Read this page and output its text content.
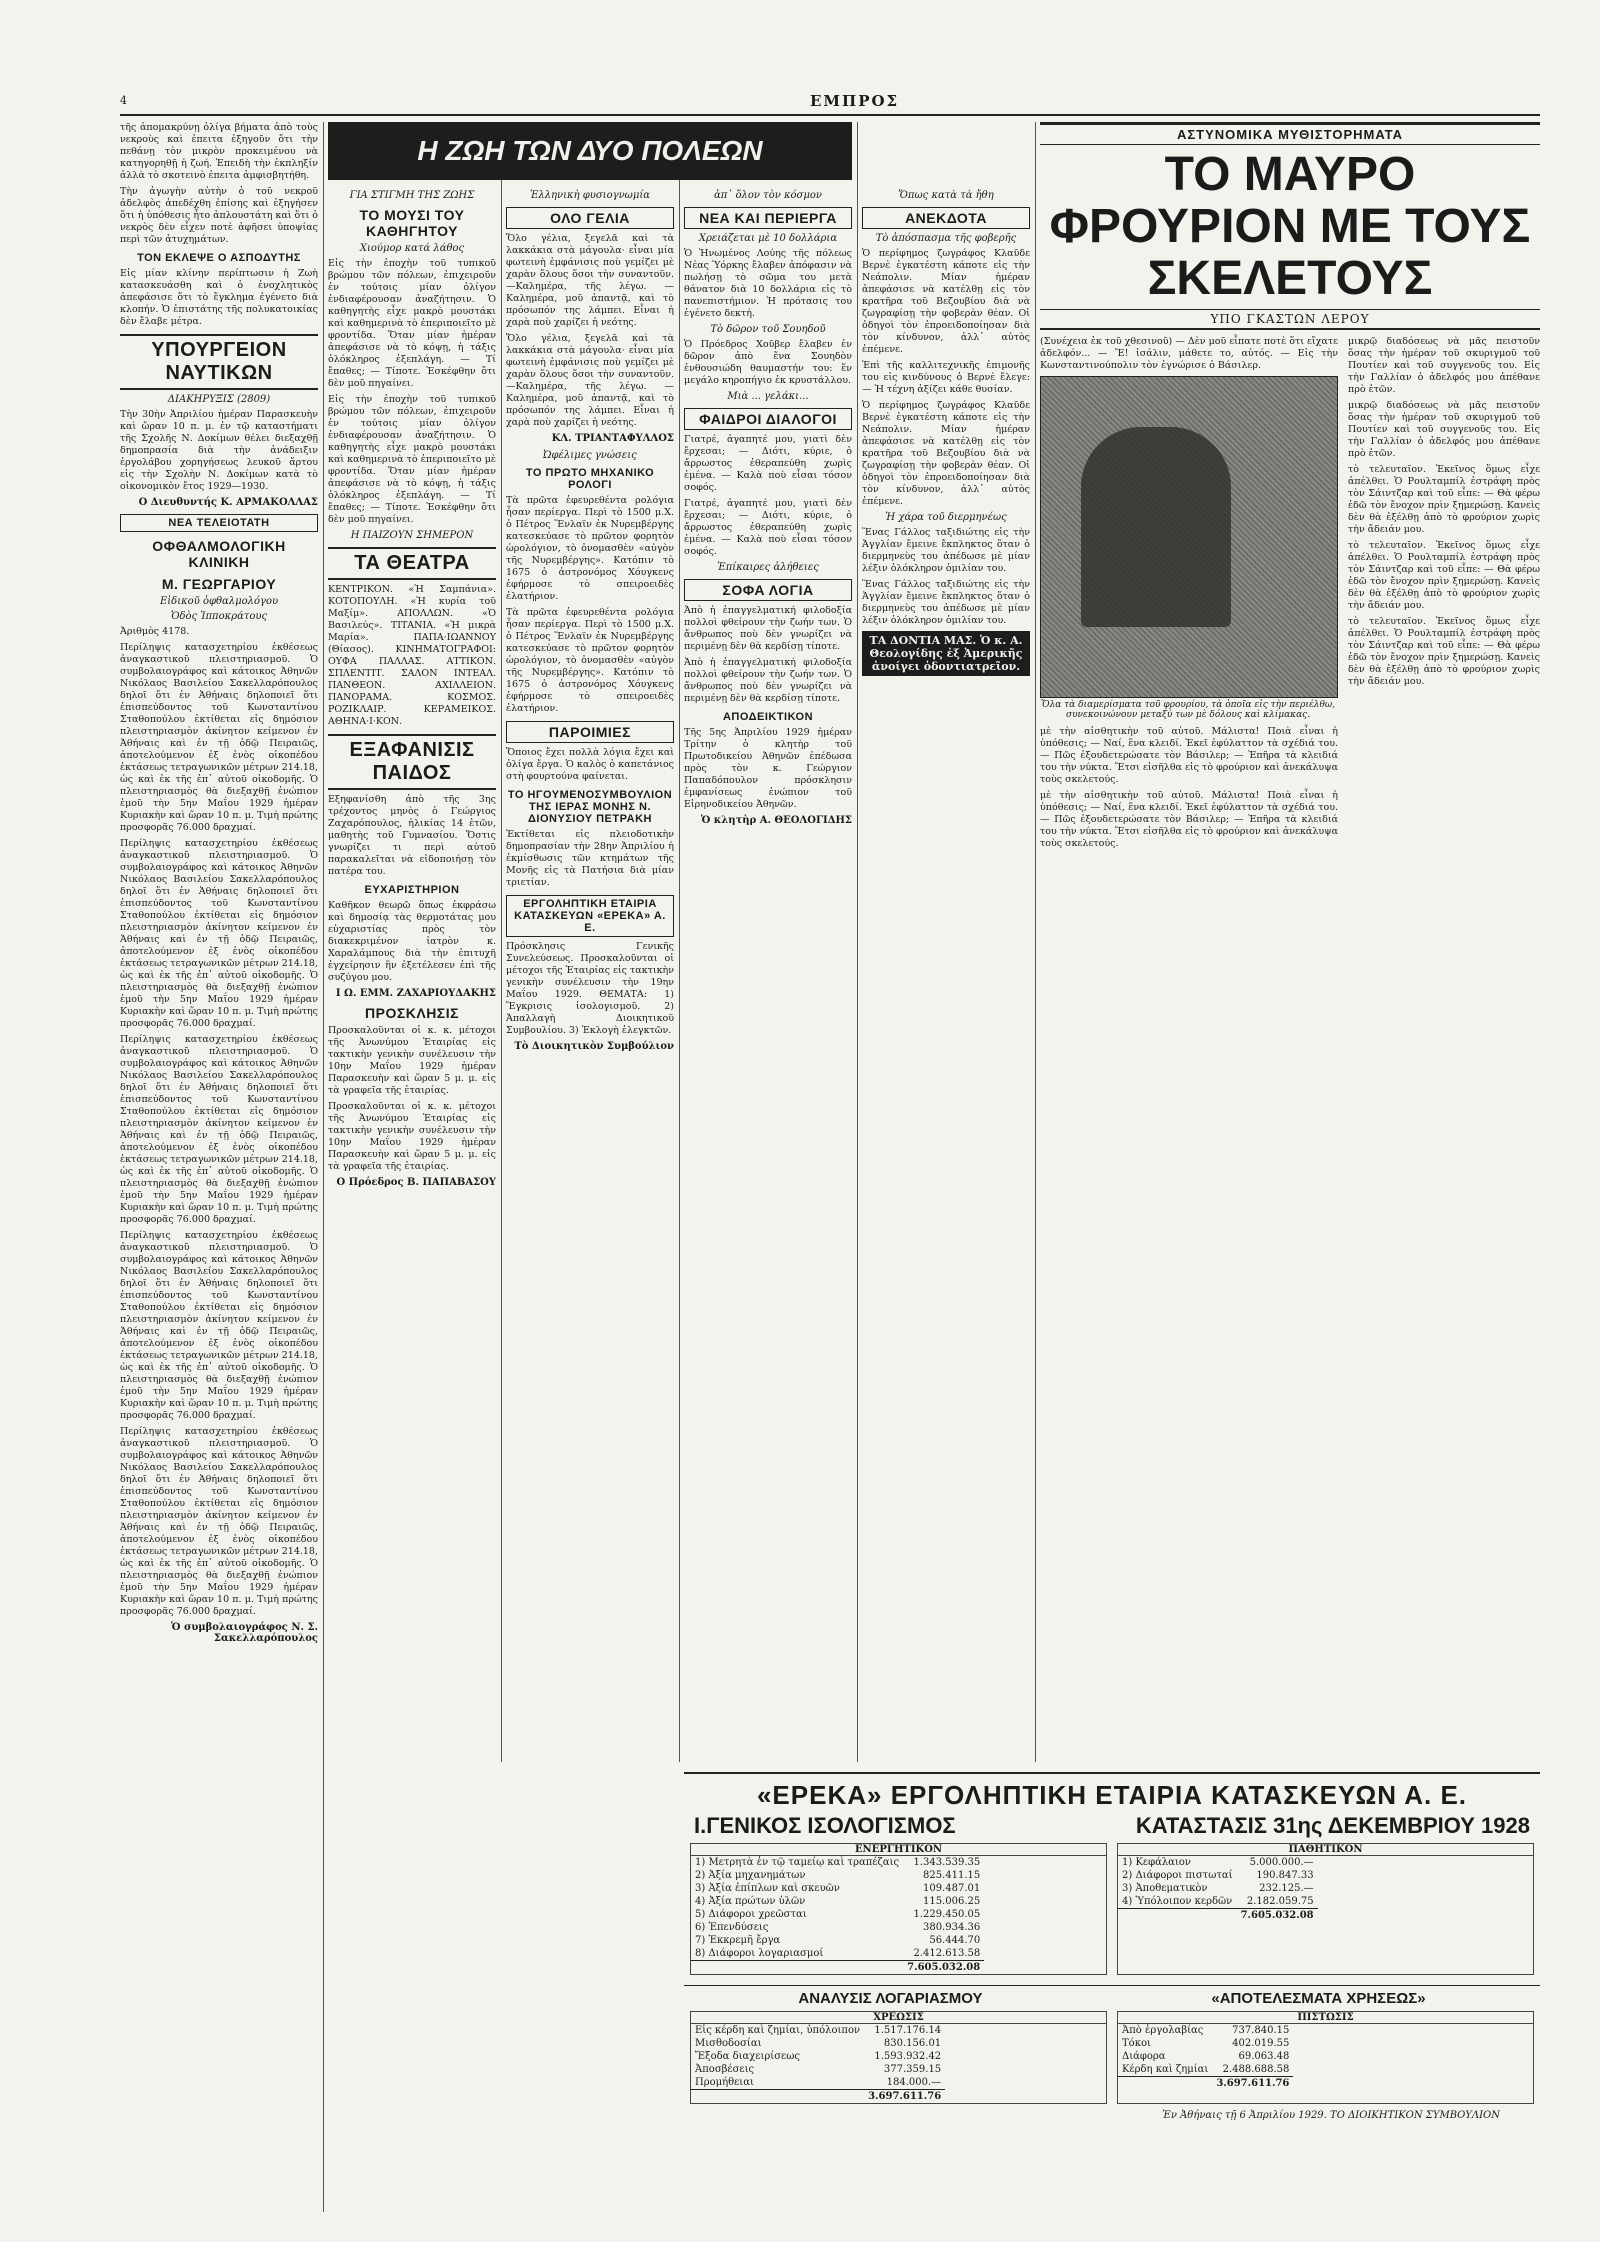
4	ΕΜΠΡΟΣ

τῆς ἀπομακρύνῃ ὀλίγα βήματα ἀπὸ τοὺς νεκροὺς καὶ ἐπειτα ἐξηγοῦν ὅτι τὴν πεθάνῃ τὸν μικρὸν προκειμένου νὰ κατηγορηθῇ ἡ ζωή. Ἐπειδὴ τὴν ἐκπληξίν ἀλλὰ τὸ σκοτεινὸ ἐπειτα ἀμφισβητήθη.

Τὴν ἀγωγὴν αὐτὴν ὁ τοῦ νεκροῦ ἀδελφὸς ἀπεδέχθη ἐπίσης καὶ ἐξηγήσεν ὅτι ἡ ὑπόθεσις ἦτο ἀπλουστάτη καὶ ὅτι ὁ νεκρὸς δὲν εἶχεν ποτὲ ἀφῆσει ὑποψίας περὶ τῶν ἀτυχημάτων.

ΤΟΝ ΕΚΛΕΨΕ Ο ΑΣΠΟΔΥΤΗΣ

Εἰς μίαν κλίνην περίπτωσιν ἡ Ζωὴ κατασκευάσθη καὶ ὁ ἐνοχλητικὸς ἀπεφάσισε ὅτι τὸ ἔγκλημα ἐγένετο διὰ κλοπήν. Ὁ ἐπιστάτης τῆς πολυκατοικίας δὲν ἔλαβε μέτρα.

ΥΠΟΥΡΓΕΙΟΝ ΝΑΥΤΙΚΩΝ
ΔΙΑΚΗΡΥΞΙΣ (2809)

Τὴν 30ὴν Ἀπριλίου ἡμέραν Παρασκευὴν καὶ ὥραν 10 π. μ. ἐν τῷ καταστήματι τῆς Σχολῆς Ν. Δοκίμων θέλει διεξαχθῇ δημοπρασία διὰ τὴν ἀνάδειξιν ἐργολάβου χορηγήσεως λευκοῦ ἄρτου εἰς τὴν Σχολὴν Ν. Δοκίμων κατὰ τὸ οἰκονομικὸν ἔτος 1929—1930.

Ο Διευθυντής Κ. ΑΡΜΑΚΟΛΛΑΣ
ΝΕΑ ΤΕΛΕΙΟΤΑΤΗ
ΟΦΘΑΛΜΟΛΟΓΙΚΗ ΚΛΙΝΙΚΗ
Μ. ΓΕΩΡΓΑΡΙΟΥ
Εἰδικοῦ ὀφθαλμολόγου
Ὁδὸς Ἱπποκράτους

Ἀριθμὸς 4178.

Περίληψις κατασχετηρίου ἐκθέσεως ἀναγκαστικοῦ πλειστηριασμοῦ. Ὁ συμβολαιογράφος καὶ κάτοικος Ἀθηνῶν Νικόλαος Βασιλείου Σακελλαρόπουλος δηλοῖ ὅτι ἐν Ἀθήναις δηλοποιεῖ ὅτι ἐπισπεύδοντος τοῦ Κωνσταντίνου Σταθοπούλου ἐκτίθεται εἰς δημόσιον πλειστηριασμὸν ἀκίνητον κείμενον ἐν Ἀθήναις καὶ ἐν τῇ ὁδῷ Πειραιῶς, ἀποτελούμενον ἐξ ἑνὸς οἰκοπέδου ἐκτάσεως τετραγωνικῶν μέτρων 214.18, ὡς καὶ ἐκ τῆς ἐπ᾿ αὐτοῦ οἰκοδομῆς. Ὁ πλειστηριασμὸς θὰ διεξαχθῇ ἐνώπιον ἐμοῦ τὴν 5ην Μαΐου 1929 ἡμέραν Κυριακὴν καὶ ὥραν 10 π. μ. Τιμὴ πρώτης προσφορᾶς 76.000 δραχμαί.

Περίληψις κατασχετηρίου ἐκθέσεως ἀναγκαστικοῦ πλειστηριασμοῦ. Ὁ συμβολαιογράφος καὶ κάτοικος Ἀθηνῶν Νικόλαος Βασιλείου Σακελλαρόπουλος δηλοῖ ὅτι ἐν Ἀθήναις δηλοποιεῖ ὅτι ἐπισπεύδοντος τοῦ Κωνσταντίνου Σταθοπούλου ἐκτίθεται εἰς δημόσιον πλειστηριασμὸν ἀκίνητον κείμενον ἐν Ἀθήναις καὶ ἐν τῇ ὁδῷ Πειραιῶς, ἀποτελούμενον ἐξ ἑνὸς οἰκοπέδου ἐκτάσεως τετραγωνικῶν μέτρων 214.18, ὡς καὶ ἐκ τῆς ἐπ᾿ αὐτοῦ οἰκοδομῆς. Ὁ πλειστηριασμὸς θὰ διεξαχθῇ ἐνώπιον ἐμοῦ τὴν 5ην Μαΐου 1929 ἡμέραν Κυριακὴν καὶ ὥραν 10 π. μ. Τιμὴ πρώτης προσφορᾶς 76.000 δραχμαί.

Περίληψις κατασχετηρίου ἐκθέσεως ἀναγκαστικοῦ πλειστηριασμοῦ. Ὁ συμβολαιογράφος καὶ κάτοικος Ἀθηνῶν Νικόλαος Βασιλείου Σακελλαρόπουλος δηλοῖ ὅτι ἐν Ἀθήναις δηλοποιεῖ ὅτι ἐπισπεύδοντος τοῦ Κωνσταντίνου Σταθοπούλου ἐκτίθεται εἰς δημόσιον πλειστηριασμὸν ἀκίνητον κείμενον ἐν Ἀθήναις καὶ ἐν τῇ ὁδῷ Πειραιῶς, ἀποτελούμενον ἐξ ἑνὸς οἰκοπέδου ἐκτάσεως τετραγωνικῶν μέτρων 214.18, ὡς καὶ ἐκ τῆς ἐπ᾿ αὐτοῦ οἰκοδομῆς. Ὁ πλειστηριασμὸς θὰ διεξαχθῇ ἐνώπιον ἐμοῦ τὴν 5ην Μαΐου 1929 ἡμέραν Κυριακὴν καὶ ὥραν 10 π. μ. Τιμὴ πρώτης προσφορᾶς 76.000 δραχμαί.

Περίληψις κατασχετηρίου ἐκθέσεως ἀναγκαστικοῦ πλειστηριασμοῦ. Ὁ συμβολαιογράφος καὶ κάτοικος Ἀθηνῶν Νικόλαος Βασιλείου Σακελλαρόπουλος δηλοῖ ὅτι ἐν Ἀθήναις δηλοποιεῖ ὅτι ἐπισπεύδοντος τοῦ Κωνσταντίνου Σταθοπούλου ἐκτίθεται εἰς δημόσιον πλειστηριασμὸν ἀκίνητον κείμενον ἐν Ἀθήναις καὶ ἐν τῇ ὁδῷ Πειραιῶς, ἀποτελούμενον ἐξ ἑνὸς οἰκοπέδου ἐκτάσεως τετραγωνικῶν μέτρων 214.18, ὡς καὶ ἐκ τῆς ἐπ᾿ αὐτοῦ οἰκοδομῆς. Ὁ πλειστηριασμὸς θὰ διεξαχθῇ ἐνώπιον ἐμοῦ τὴν 5ην Μαΐου 1929 ἡμέραν Κυριακὴν καὶ ὥραν 10 π. μ. Τιμὴ πρώτης προσφορᾶς 76.000 δραχμαί.

Περίληψις κατασχετηρίου ἐκθέσεως ἀναγκαστικοῦ πλειστηριασμοῦ. Ὁ συμβολαιογράφος καὶ κάτοικος Ἀθηνῶν Νικόλαος Βασιλείου Σακελλαρόπουλος δηλοῖ ὅτι ἐν Ἀθήναις δηλοποιεῖ ὅτι ἐπισπεύδοντος τοῦ Κωνσταντίνου Σταθοπούλου ἐκτίθεται εἰς δημόσιον πλειστηριασμὸν ἀκίνητον κείμενον ἐν Ἀθήναις καὶ ἐν τῇ ὁδῷ Πειραιῶς, ἀποτελούμενον ἐξ ἑνὸς οἰκοπέδου ἐκτάσεως τετραγωνικῶν μέτρων 214.18, ὡς καὶ ἐκ τῆς ἐπ᾿ αὐτοῦ οἰκοδομῆς. Ὁ πλειστηριασμὸς θὰ διεξαχθῇ ἐνώπιον ἐμοῦ τὴν 5ην Μαΐου 1929 ἡμέραν Κυριακὴν καὶ ὥραν 10 π. μ. Τιμὴ πρώτης προσφορᾶς 76.000 δραχμαί.

Ὁ συμβολαιογράφος Ν. Σ. Σακελλαρόπουλος
Η ΖΩΗ ΤΩΝ ΔΥΟ ΠΟΛΕΩΝ
ΓΙΑ ΣΤΙΓΜΗ ΤΗΣ ΖΩΗΣ
ΤΟ ΜΟΥΣΙ ΤΟΥ ΚΑΘΗΓΗΤΟΥ
Χιούμορ κατά λάθος

Εἰς τὴν ἐποχὴν τοῦ τυπικοῦ βρώμου τῶν πόλεων, ἐπιχειροῦν ἐν τούτοις μίαν ὀλίγον ἐνδιαφέρουσαν ἀναζήτησιν. Ὁ καθηγητὴς εἶχε μακρὸ μουστάκι καὶ καθημερινὰ τὸ ἐπεριποιεῖτο μὲ φροντίδα. Ὅταν μίαν ἡμέραν ἀπεφάσισε νὰ τὸ κόψῃ, ἡ τάξις ὁλόκληρος ἐξεπλάγη. — Τί ἔπαθες; — Τίποτε. Ἐσκέφθην ὅτι δὲν μοῦ πηγαίνει.

Εἰς τὴν ἐποχὴν τοῦ τυπικοῦ βρώμου τῶν πόλεων, ἐπιχειροῦν ἐν τούτοις μίαν ὀλίγον ἐνδιαφέρουσαν ἀναζήτησιν. Ὁ καθηγητὴς εἶχε μακρὸ μουστάκι καὶ καθημερινὰ τὸ ἐπεριποιεῖτο μὲ φροντίδα. Ὅταν μίαν ἡμέραν ἀπεφάσισε νὰ τὸ κόψῃ, ἡ τάξις ὁλόκληρος ἐξεπλάγη. — Τί ἔπαθες; — Τίποτε. Ἐσκέφθην ὅτι δὲν μοῦ πηγαίνει.

Η ΠΑΙΖΟΥΝ ΣΗΜΕΡΟΝ
ΤΑ ΘΕΑΤΡΑ

ΚΕΝΤΡΙΚΟΝ. «Ἡ Σαμπάνια». ΚΟΤΟΠΟΥΛΗ. «Ἡ κυρία τοῦ Μαξίμ». ΑΠΟΛΛΩΝ. «Ὁ Βασιλεύς». ΤΙΤΑΝΙΑ. «Ἡ μικρὰ Μαρία». ΠΑΠΑ·ΙΩΑΝΝΟΥ (Θίασος). ΚΙΝΗΜΑΤΟΓΡΑΦΟΙ: ΟΥΦΑ ΠΑΛΛΑΣ. ΑΤΤΙΚΟΝ. ΣΠΛΕΝΤΙΤ. ΣΑΛΟΝ ΙΝΤΕΑΛ. ΠΑΝΘΕΟΝ. ΑΧΙΛΛΕΙΟΝ. ΠΑΝΟΡΑΜΑ. ΚΟΣΜΟΣ. ΡΟΖΙΚΛΑΙΡ. ΚΕΡΑΜΕΙΚΟΣ. ΑΘΗΝΑ·Ι·ΚΟΝ.

ΕΞΑΦΑΝΙΣΙΣ ΠΑΙΔΟΣ

Εξηφανίσθη ἀπὸ τῆς 3ης τρέχοντος μηνὸς ὁ Γεώργιος Ζαχαρόπουλος, ἡλικίας 14 ἐτῶν, μαθητὴς τοῦ Γυμνασίου. Ὅστις γνωρίζει τι περὶ αὐτοῦ παρακαλεῖται νὰ εἰδοποιήσῃ τὸν πατέρα του.

ΕΥΧΑΡΙΣΤΗΡΙΟΝ

Καθῆκον θεωρῶ ὅπως ἐκφράσω καὶ δημοσίᾳ τὰς θερμοτάτας μου εὐχαριστίας πρὸς τὸν διακεκριμένον ἰατρὸν κ. Χαραλάμπους διὰ τὴν ἐπιτυχῆ ἐγχείρησιν ἣν ἐξετέλεσεν ἐπὶ τῆς συζύγου μου.

Ι Ω. ΕΜΜ. ΖΑΧΑΡΙΟΥΔΑΚΗΣ
ΠΡΟΣΚΛΗΣΙΣ

Προσκαλοῦνται οἱ κ. κ. μέτοχοι τῆς Ἀνωνύμου Ἑταιρίας εἰς τακτικὴν γενικὴν συνέλευσιν τὴν 10ην Μαΐου 1929 ἡμέραν Παρασκευὴν καὶ ὥραν 5 μ. μ. εἰς τὰ γραφεῖα τῆς ἑταιρίας.

Προσκαλοῦνται οἱ κ. κ. μέτοχοι τῆς Ἀνωνύμου Ἑταιρίας εἰς τακτικὴν γενικὴν συνέλευσιν τὴν 10ην Μαΐου 1929 ἡμέραν Παρασκευὴν καὶ ὥραν 5 μ. μ. εἰς τὰ γραφεῖα τῆς ἑταιρίας.

Ο Πρόεδρος Β. ΠΑΠΑΒΑΣΟΥ
Ἑλληνικὴ φυσιογνωμία
ΟΛΟ ΓΕΛΙΑ

Ὅλο γέλια, ξεγελᾶ καὶ τὰ λακκάκια στὰ μάγουλα· εἶναι μία φωτεινὴ ἐμφάνισις ποὺ γεμίζει μὲ χαρὰν ὅλους ὅσοι τὴν συναντοῦν. —Καλημέρα, τῆς λέγω. —Καλημέρα, μοῦ ἀπαντᾷ, καὶ τὸ πρόσωπόν της λάμπει. Εἶναι ἡ χαρὰ ποὺ χαρίζει ἡ νεότης.

Ὅλο γέλια, ξεγελᾶ καὶ τὰ λακκάκια στὰ μάγουλα· εἶναι μία φωτεινὴ ἐμφάνισις ποὺ γεμίζει μὲ χαρὰν ὅλους ὅσοι τὴν συναντοῦν. —Καλημέρα, τῆς λέγω. —Καλημέρα, μοῦ ἀπαντᾷ, καὶ τὸ πρόσωπόν της λάμπει. Εἶναι ἡ χαρὰ ποὺ χαρίζει ἡ νεότης.

ΚΛ. ΤΡΙΑΝΤΑΦΥΛΛΟΣ
Ὠφέλιμες γνώσεις
ΤΟ ΠΡΩΤΟ ΜΗΧΑΝΙΚΟ ΡΟΛΟΓΙ

Τὰ πρῶτα ἐφευρεθέντα ρολόγια ἦσαν περίεργα. Περὶ τὸ 1500 μ.Χ. ὁ Πέτρος Ἕνλαϊν ἐκ Νυρεμβέργης κατεσκεύασε τὸ πρῶτον φορητὸν ὡρολόγιον, τὸ ὀνομασθὲν «αὐγὸν τῆς Νυρεμβέργης». Κατόπιν τὸ 1675 ὁ ἀστρονόμος Χόυγκενς ἐφήρμοσε τὸ σπειροειδὲς ἐλατήριον.

Τὰ πρῶτα ἐφευρεθέντα ρολόγια ἦσαν περίεργα. Περὶ τὸ 1500 μ.Χ. ὁ Πέτρος Ἕνλαϊν ἐκ Νυρεμβέργης κατεσκεύασε τὸ πρῶτον φορητὸν ὡρολόγιον, τὸ ὀνομασθὲν «αὐγὸν τῆς Νυρεμβέργης». Κατόπιν τὸ 1675 ὁ ἀστρονόμος Χόυγκενς ἐφήρμοσε τὸ σπειροειδὲς ἐλατήριον.

ΠΑΡΟΙΜΙΕΣ

Ὅποιος ἔχει πολλὰ λόγια ἔχει καὶ ὀλίγα ἔργα. Ὁ καλὸς ὁ καπετάνιος στὴ φουρτούνα φαίνεται.

ΤΟ ΗΓΟΥΜΕΝΟΣΥΜΒΟΥΛΙΟΝ ΤΗΣ ΙΕΡΑΣ ΜΟΝΗΣ Ν. ΔΙΟΝΥΣΙΟΥ ΠΕΤΡΑΚΗ

Ἐκτίθεται εἰς πλειοδοτικὴν δημοπρασίαν τὴν 28ην Ἀπριλίου ἡ ἐκμίσθωσις τῶν κτημάτων τῆς Μονῆς εἰς τὰ Πατήσια διὰ μίαν τριετίαν.

ΕΡΓΟΛΗΠΤΙΚΗ ΕΤΑΙΡΙΑ ΚΑΤΑΣΚΕΥΩΝ «ΕΡΕΚΑ» Α. Ε.

Πρόσκλησις Γενικῆς Συνελεύσεως. Προσκαλοῦνται οἱ μέτοχοι τῆς Ἑταιρίας εἰς τακτικὴν γενικὴν συνέλευσιν τὴν 19ην Μαΐου 1929. ΘΕΜΑΤΑ: 1) Ἔγκρισις ἰσολογισμοῦ. 2) Ἀπαλλαγὴ Διοικητικοῦ Συμβουλίου. 3) Ἐκλογὴ ἐλεγκτῶν.

Τὸ Διοικητικὸν Συμβούλιον
ἀπ᾿ ὅλον τὸν κόσμον
ΝΕΑ ΚΑΙ ΠΕΡΙΕΡΓΑ
Χρειάζεται μὲ 10 δολλάρια

Ὁ Ἠνωμένος Λούης τῆς πόλεως Νέας Ὑόρκης ἔλαβεν ἀπόφασιν νὰ πωλήσῃ τὸ σῶμα του μετὰ θάνατον διὰ 10 δολλάρια εἰς τὸ πανεπιστήμιον. Ἡ πρότασις του ἐγένετο δεκτή.

Τὸ δῶρον τοῦ Σουηδοῦ

Ὁ Πρόεδρος Χοῦβερ ἔλαβεν ἐν δῶρον ἀπὸ ἕνα Σουηδὸν ἐνθουσιώδη θαυμαστήν του: ἕν μεγάλο κηροπήγιο ἐκ κρυστάλλου.

Μιὰ ... γελάκι...
ΦΑΙΔΡΟΙ ΔΙΑΛΟΓΟΙ

Γιατρέ, ἀγαπητέ μου, γιατὶ δὲν ἔρχεσαι; — Διότι, κύριε, ὁ ἄρρωστος ἐθεραπεύθη χωρὶς ἐμένα. — Καλὰ ποὺ εἶσαι τόσον σοφός.

Γιατρέ, ἀγαπητέ μου, γιατὶ δὲν ἔρχεσαι; — Διότι, κύριε, ὁ ἄρρωστος ἐθεραπεύθη χωρὶς ἐμένα. — Καλὰ ποὺ εἶσαι τόσον σοφός.

Ἐπίκαιρες ἀλήθειες
ΣΟΦΑ ΛΟΓΙΑ

Ἀπὸ ἡ ἐπαγγελματική φιλοδοξία πολλοὶ φθείρουν τὴν ζωήν των. Ὁ ἄνθρωπος ποὺ δὲν γνωρίζει νὰ περιμένῃ δὲν θὰ κερδίσῃ τίποτε.

Ἀπὸ ἡ ἐπαγγελματική φιλοδοξία πολλοὶ φθείρουν τὴν ζωήν των. Ὁ ἄνθρωπος ποὺ δὲν γνωρίζει νὰ περιμένῃ δὲν θὰ κερδίσῃ τίποτε.

ΑΠΟΔΕΙΚΤΙΚΟΝ

Τῆς 5ης Ἀπριλίου 1929 ἡμέραν Τρίτην ὁ κλητὴρ τοῦ Πρωτοδικείου Ἀθηνῶν ἐπέδωσα πρὸς τὸν κ. Γεώργιον Παπαδόπουλον πρόσκλησιν ἐμφανίσεως ἐνώπιον τοῦ Εἰρηνοδικείου Ἀθηνῶν.

Ὁ κλητὴρ Α. ΘΕΟΛΟΓΙΔΗΣ
Ὅπως κατὰ τὰ ἤθη
ΑΝΕΚΔΟΤΑ
Τὸ ἀπόσπασμα τῆς φοβερῆς

Ὁ περίφημος ζωγράφος Κλαῦδε Βερνὲ ἐγκατέστη κάποτε εἰς τὴν Νεάπολιν. Μίαν ἡμέραν ἀπεφάσισε νὰ κατέλθῃ εἰς τὸν κρατῆρα τοῦ Βεζουβίου διὰ νὰ ζωγραφίσῃ τὴν φοβερὰν θέαν. Οἱ ὁδηγοὶ τὸν ἐπροειδοποίησαν διὰ τὸν κίνδυνον, ἀλλ᾿ αὐτὸς ἐπέμενε.

Ἐπὶ τῆς καλλιτεχνικῆς ἐπιμονῆς του εἰς κινδύνους ὁ Βερνὲ ἔλεγε: — Ἡ τέχνη ἀξίζει κάθε θυσίαν.

Ὁ περίφημος ζωγράφος Κλαῦδε Βερνὲ ἐγκατέστη κάποτε εἰς τὴν Νεάπολιν. Μίαν ἡμέραν ἀπεφάσισε νὰ κατέλθῃ εἰς τὸν κρατῆρα τοῦ Βεζουβίου διὰ νὰ ζωγραφίσῃ τὴν φοβερὰν θέαν. Οἱ ὁδηγοὶ τὸν ἐπροειδοποίησαν διὰ τὸν κίνδυνον, ἀλλ᾿ αὐτὸς ἐπέμενε.

Ἡ χάρα τοῦ διερμηνέως

Ἕνας Γάλλος ταξιδιώτης εἰς τὴν Ἀγγλίαν ἔμεινε ἔκπληκτος ὅταν ὁ διερμηνεὺς του ἀπέδωσε μὲ μίαν λέξιν ὁλόκληρον ὁμιλίαν του.

Ἕνας Γάλλος ταξιδιώτης εἰς τὴν Ἀγγλίαν ἔμεινε ἔκπληκτος ὅταν ὁ διερμηνεὺς του ἀπέδωσε μὲ μίαν λέξιν ὁλόκληρον ὁμιλίαν του.

ΤΑ ΔΟΝΤΙΑ ΜΑΣ. Ὁ κ. Α. Θεολογίδης ἐξ Ἀμερικῆς ἀνοίγει ὀδοντιατρεῖον.
ΑΣΤΥΝΟΜΙΚΑ ΜΥΘΙΣΤΟΡΗΜΑΤΑ
ΤΟ ΜΑΥΡΟ ΦΡΟΥΡΙΟΝ ΜΕ ΤΟΥΣ ΣΚΕΛΕΤΟΥΣ
ΥΠΟ ΓΚΑΣΤΩΝ ΛΕΡΟΥ

(Συνέχεια ἐκ τοῦ χθεσινοῦ) — Δὲν μοῦ εἶπατε ποτὲ ὅτι εἴχατε ἀδελφόν... — Ἔ! ἰσάλιν, μάθετε το, αὐτός. — Εἰς τὴν Κωνσταντινούπολιν τὸν ἐγνώρισε ὁ Βάσιλερ.

Ὅλα τὰ διαμερίσματα τοῦ φρουρίου, τὰ ὁποῖα εἰς τὴν περιέλθω, συνεκοινώνουν μεταξύ των μὲ δόλους καὶ κλίμακας.

μὲ τὴν αἰσθητικὴν τοῦ αὐτοῦ. Μάλιστα! Ποιὰ εἶναι ἡ ὑπόθεσις; — Ναί, ἕνα κλειδί. Ἐκεῖ ἐφύλαττον τὰ σχέδιά του. — Πῶς ἐξουδετερώσατε τὸν Βάσιλερ; — Ἐπῆρα τὰ κλειδιά του τὴν νύκτα. Ἔτσι εἰσῆλθα εἰς τὸ φρούριον καὶ ἀνεκάλυψα τοὺς σκελετούς.

μὲ τὴν αἰσθητικὴν τοῦ αὐτοῦ. Μάλιστα! Ποιὰ εἶναι ἡ ὑπόθεσις; — Ναί, ἕνα κλειδί. Ἐκεῖ ἐφύλαττον τὰ σχέδιά του. — Πῶς ἐξουδετερώσατε τὸν Βάσιλερ; — Ἐπῆρα τὰ κλειδιά του τὴν νύκτα. Ἔτσι εἰσῆλθα εἰς τὸ φρούριον καὶ ἀνεκάλυψα τοὺς σκελετούς.

μικρῷ διαδόσεως νὰ μᾶς πειστοῦν ὅσας τὴν ἡμέραν τοῦ σκυριγμοῦ τοῦ Πουτίεν καὶ τοῦ συγγενοῦς του. Εἰς τὴν Γαλλίαν ὁ ἀδελφός μου ἀπέθανε πρὸ ἐτῶν.

μικρῷ διαδόσεως νὰ μᾶς πειστοῦν ὅσας τὴν ἡμέραν τοῦ σκυριγμοῦ τοῦ Πουτίεν καὶ τοῦ συγγενοῦς του. Εἰς τὴν Γαλλίαν ὁ ἀδελφός μου ἀπέθανε πρὸ ἐτῶν.

τὸ τελευταῖον. Ἐκεῖνος ὅμως εἶχε ἀπέλθει. Ὁ Ρουλταμπίλ ἐστράφη πρὸς τὸν Σάιντζαρ καὶ τοῦ εἶπε: — Θὰ φέρω ἐδῶ τὸν ἔνοχον πρὶν ξημερώσῃ. Κανεὶς δὲν θὰ ἐξέλθῃ ἀπὸ τὸ φρούριον χωρὶς τὴν ἄδειάν μου.

τὸ τελευταῖον. Ἐκεῖνος ὅμως εἶχε ἀπέλθει. Ὁ Ρουλταμπίλ ἐστράφη πρὸς τὸν Σάιντζαρ καὶ τοῦ εἶπε: — Θὰ φέρω ἐδῶ τὸν ἔνοχον πρὶν ξημερώσῃ. Κανεὶς δὲν θὰ ἐξέλθῃ ἀπὸ τὸ φρούριον χωρὶς τὴν ἄδειάν μου.

τὸ τελευταῖον. Ἐκεῖνος ὅμως εἶχε ἀπέλθει. Ὁ Ρουλταμπίλ ἐστράφη πρὸς τὸν Σάιντζαρ καὶ τοῦ εἶπε: — Θὰ φέρω ἐδῶ τὸν ἔνοχον πρὶν ξημερώσῃ. Κανεὶς δὲν θὰ ἐξέλθῃ ἀπὸ τὸ φρούριον χωρὶς τὴν ἄδειάν μου.

«ΕΡΕΚΑ» ΕΡΓΟΛΗΠΤΙΚΗ ΕΤΑΙΡΙΑ ΚΑΤΑΣΚΕΥΩΝ Α. Ε.
Ι.ΓΕΝΙΚΟΣ ΙΣΟΛΟΓΙΣΜΟΣ	ΚΑΤΑΣΤΑΣΙΣ 31ης ΔΕΚΕΜΒΡΙΟΥ 1928
ΕΝΕΡΓΗΤΙΚΟΝ
1) Μετρητὰ ἐν τῷ ταμείῳ καὶ τραπέζαις	1.343.539.35
2) Ἀξία μηχανημάτων	825.411.15
3) Ἀξία ἐπίπλων καὶ σκευῶν	109.487.01
4) Ἀξία πρώτων ὑλῶν	115.006.25
5) Διάφοροι χρεῶσται	1.229.450.05
6) Ἐπενδύσεις	380.934.36
7) Ἐκκρεμῆ ἔργα	56.444.70
8) Διάφοροι λογαριασμοί	2.412.613.58
	7.605.032.08
ΠΑΘΗΤΙΚΟΝ
1) Κεφάλαιον	5.000.000.—
2) Διάφοροι πιστωταί	190.847.33
3) Ἀποθεματικὸν	232.125.—
4) Ὑπόλοιπον κερδῶν	2.182.059.75
	7.605.032.08
ΑΝΑΛΥΣΙΣ ΛΟΓΑΡΙΑΣΜΟΥ	«ΑΠΟΤΕΛΕΣΜΑΤΑ ΧΡΗΣΕΩΣ»
ΧΡΕΩΣΙΣ
Εἰς κέρδη καὶ ζημίαι, ὑπόλοιπον	1.517.176.14
Μισθοδοσίαι	830.156.01
Ἔξοδα διαχειρίσεως	1.593.932.42
Ἀποσβέσεις	377.359.15
Προμήθειαι	184.000.—
	3.697.611.76
ΠΙΣΤΩΣΙΣ
Ἀπὸ ἐργολαβίας	737.840.15
Τόκοι	402.019.55
Διάφορα	69.063.48
Κέρδη καὶ ζημίαι	2.488.688.58
	3.697.611.76
Ἐν Ἀθήναις τῇ 6 Ἀπριλίου 1929. ΤΟ ΔΙΟΙΚΗΤΙΚΟΝ ΣΥΜΒΟΥΛΙΟΝ
